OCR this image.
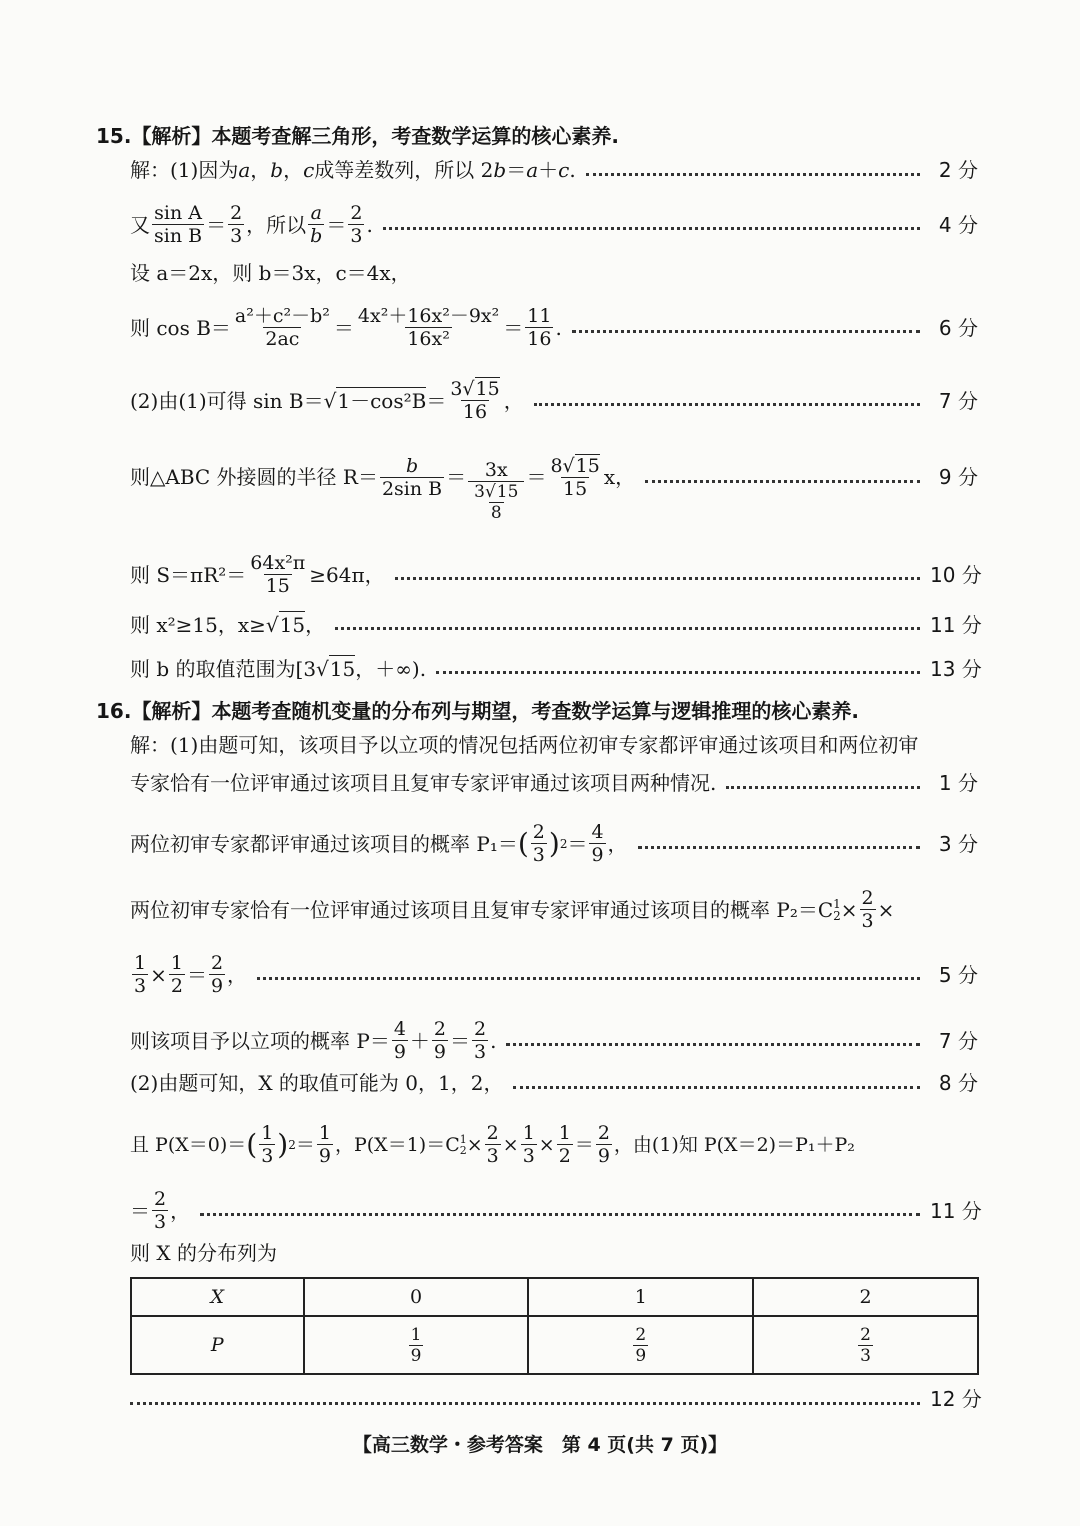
15.【解析】本题考查解三角形，考查数学运算的核心素养.
解：(1)因为 a ， b ， c 成等差数列，所以 2 b ＝ a ＋ c .	2 分
又 $\frac{\text{sin A}}{\text{sin B}} = \frac{2}{3}$ ，所以 $\frac{a}{b} = \frac{2}{3}$ .	4 分
设 a＝2x，则 b＝3x，c＝4x，
则 $\cos B= \frac{\text{a²＋c²－b²}}{2ac} = \frac{\text{4x²＋16x²－9x²}}{\text{16x²}} = \frac{11}{16}$ .	6 分
(2)由(1)可得 sin B＝ √ $1-\cos^2B = \frac{3√15}{16}$ ，	7 分
则△ABC 外接圆的半径 $R= \frac{b}{\text{2sin B}} = \frac{3x}{\frac{3√15}{8}} = \frac{8√15}{15}$ x，	9 分
则 $S=\pi R^2= \frac{\text{64x²π}}{15} \ge 64\pi$，	10 分
则 x²≥15，x≥ √ 15 ，	11 分
则 b 的取值范围为[3 √ 15 ，＋∞).	13 分
16.【解析】本题考查随机变量的分布列与期望，考查数学运算与逻辑推理的核心素养.
解：(1)由题可知，该项目予以立项的情况包括两位初审专家都评审通过该项目和两位初审
专家恰有一位评审通过该项目且复审专家评审通过该项目两种情况.	1 分
两位初审专家都评审通过该项目的概率 P₁＝ ( $\frac{2}{3}$ ) $2 = \frac{4}{9}$ ，	3 分
两位初审专家恰有一位评审通过该项目且复审专家评审通过该项目的概率 P₂＝C 1
$2 \times \frac{2}{3}$ ×
$\frac{1}{3} \times \frac{1}{2} = \frac{2}{9}$ ，	5 分
则该项目予以立项的概率 $P= \frac{4}{9} + \frac{2}{9} = \frac{2}{3}$ .	7 分
(2)由题可知，X 的取值可能为 0，1，2，	8 分
且 P(X＝0)＝ ( $\frac{1}{3}$ ) $2 = \frac{1}{9}$ ，P(X＝1)＝C 1
$2 \times \frac{2}{3} \times \frac{1}{3} \times \frac{1}{2} = \frac{2}{9}$ ，由(1)知 P(X＝2)＝P₁＋P₂
＝ $\frac{2}{3}$ ，	11 分
则 X 的分布列为
X	0	1	2
P	$\frac{1}{9}$	$\frac{2}{9}$	$\frac{2}{3}$
12 分
【高三数学・参考答案　第 4 页(共 7 页)】
